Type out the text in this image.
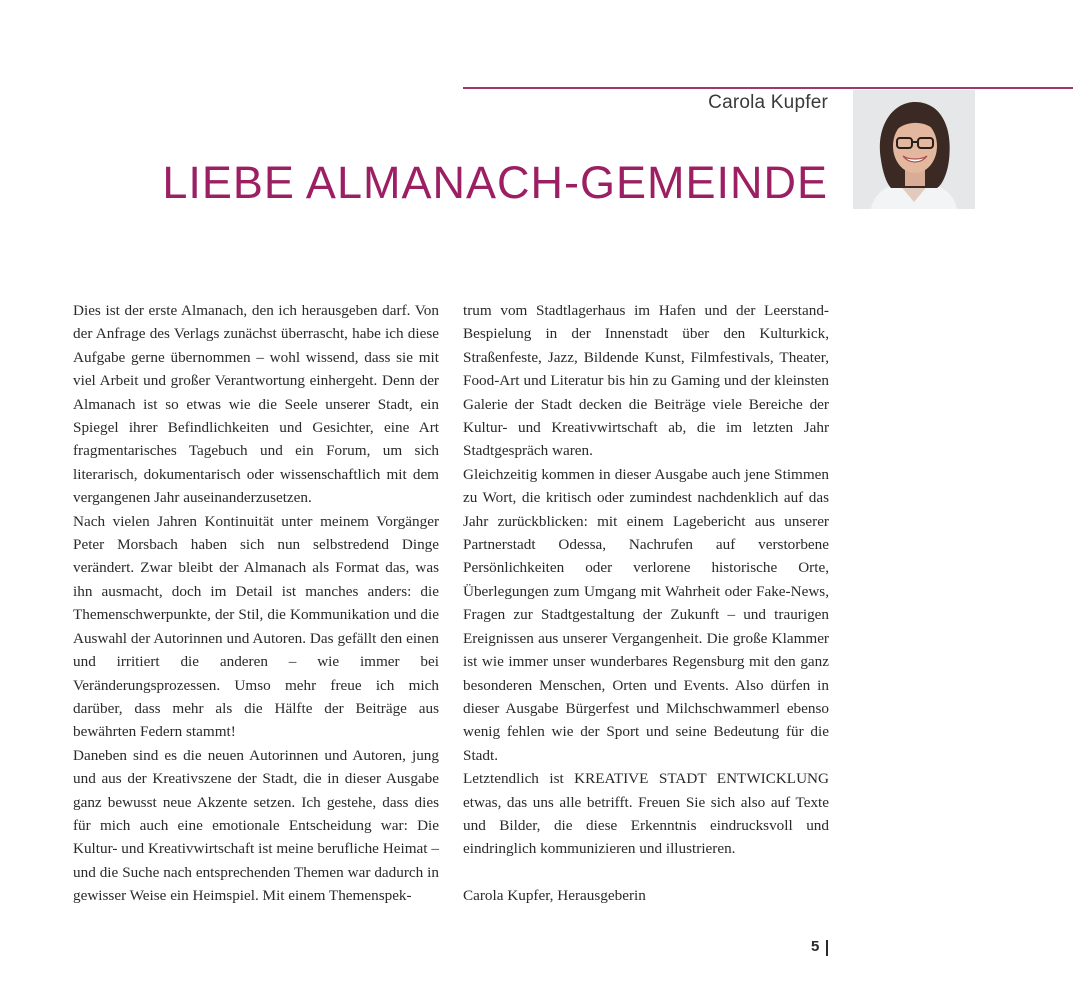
Carola Kupfer
LIEBE ALMANACH-GEMEINDE

Dies ist der erste Almanach, den ich herausgeben darf. Von der Anfrage des Verlags zunächst überrascht, habe ich diese Aufgabe gerne übernommen – wohl wissend, dass sie mit viel Arbeit und großer Verantwortung einhergeht. Denn der Almanach ist so etwas wie die Seele unserer Stadt, ein Spiegel ihrer Befindlichkeiten und Gesichter, eine Art fragmentarisches Tagebuch und ein Forum, um sich literarisch, dokumentarisch oder wissenschaftlich mit dem vergangenen Jahr auseinanderzusetzen.

Nach vielen Jahren Kontinuität unter meinem Vorgänger Peter Morsbach haben sich nun selbstredend Dinge verändert. Zwar bleibt der Almanach als Format das, was ihn ausmacht, doch im Detail ist manches anders: die Themenschwerpunkte, der Stil, die Kommunikation und die Auswahl der Autorinnen und Autoren. Das gefällt den einen und irritiert die anderen – wie immer bei Veränderungsprozessen. Umso mehr freue ich mich darüber, dass mehr als die Hälfte der Beiträge aus bewährten Federn stammt!

Daneben sind es die neuen Autorinnen und Autoren, jung und aus der Kreativszene der Stadt, die in dieser Ausgabe ganz bewusst neue Akzente setzen. Ich gestehe, dass dies für mich auch eine emotionale Entscheidung war: Die Kultur- und Kreativwirtschaft ist meine berufliche Heimat – und die Suche nach entsprechenden Themen war dadurch in gewisser Weise ein Heimspiel. Mit einem Themenspek-

trum vom Stadtlagerhaus im Hafen und der Leerstand-Bespielung in der Innenstadt über den Kulturkick, Straßenfeste, Jazz, Bildende Kunst, Filmfestivals, Theater, Food-Art und Literatur bis hin zu Gaming und der kleinsten Galerie der Stadt decken die Beiträge viele Bereiche der Kultur- und Kreativwirtschaft ab, die im letzten Jahr Stadtgespräch waren.

Gleichzeitig kommen in dieser Ausgabe auch jene Stimmen zu Wort, die kritisch oder zumindest nachdenklich auf das Jahr zurückblicken: mit einem Lagebericht aus unserer Partnerstadt Odessa, Nachrufen auf verstorbene Persönlichkeiten oder verlorene historische Orte, Überlegungen zum Umgang mit Wahrheit oder Fake-News, Fragen zur Stadtgestaltung der Zukunft – und traurigen Ereignissen aus unserer Vergangenheit. Die große Klammer ist wie immer unser wunderbares Regensburg mit den ganz besonderen Menschen, Orten und Events. Also dürfen in dieser Ausgabe Bürgerfest und Milchschwammerl ebenso wenig fehlen wie der Sport und seine Bedeutung für die Stadt.

Letztendlich ist KREATIVE STADT ENTWICKLUNG etwas, das uns alle betrifft. Freuen Sie sich also auf Texte und Bilder, die diese Erkenntnis eindrucksvoll und eindringlich kommunizieren und illustrieren.

Carola Kupfer, Herausgeberin

5
